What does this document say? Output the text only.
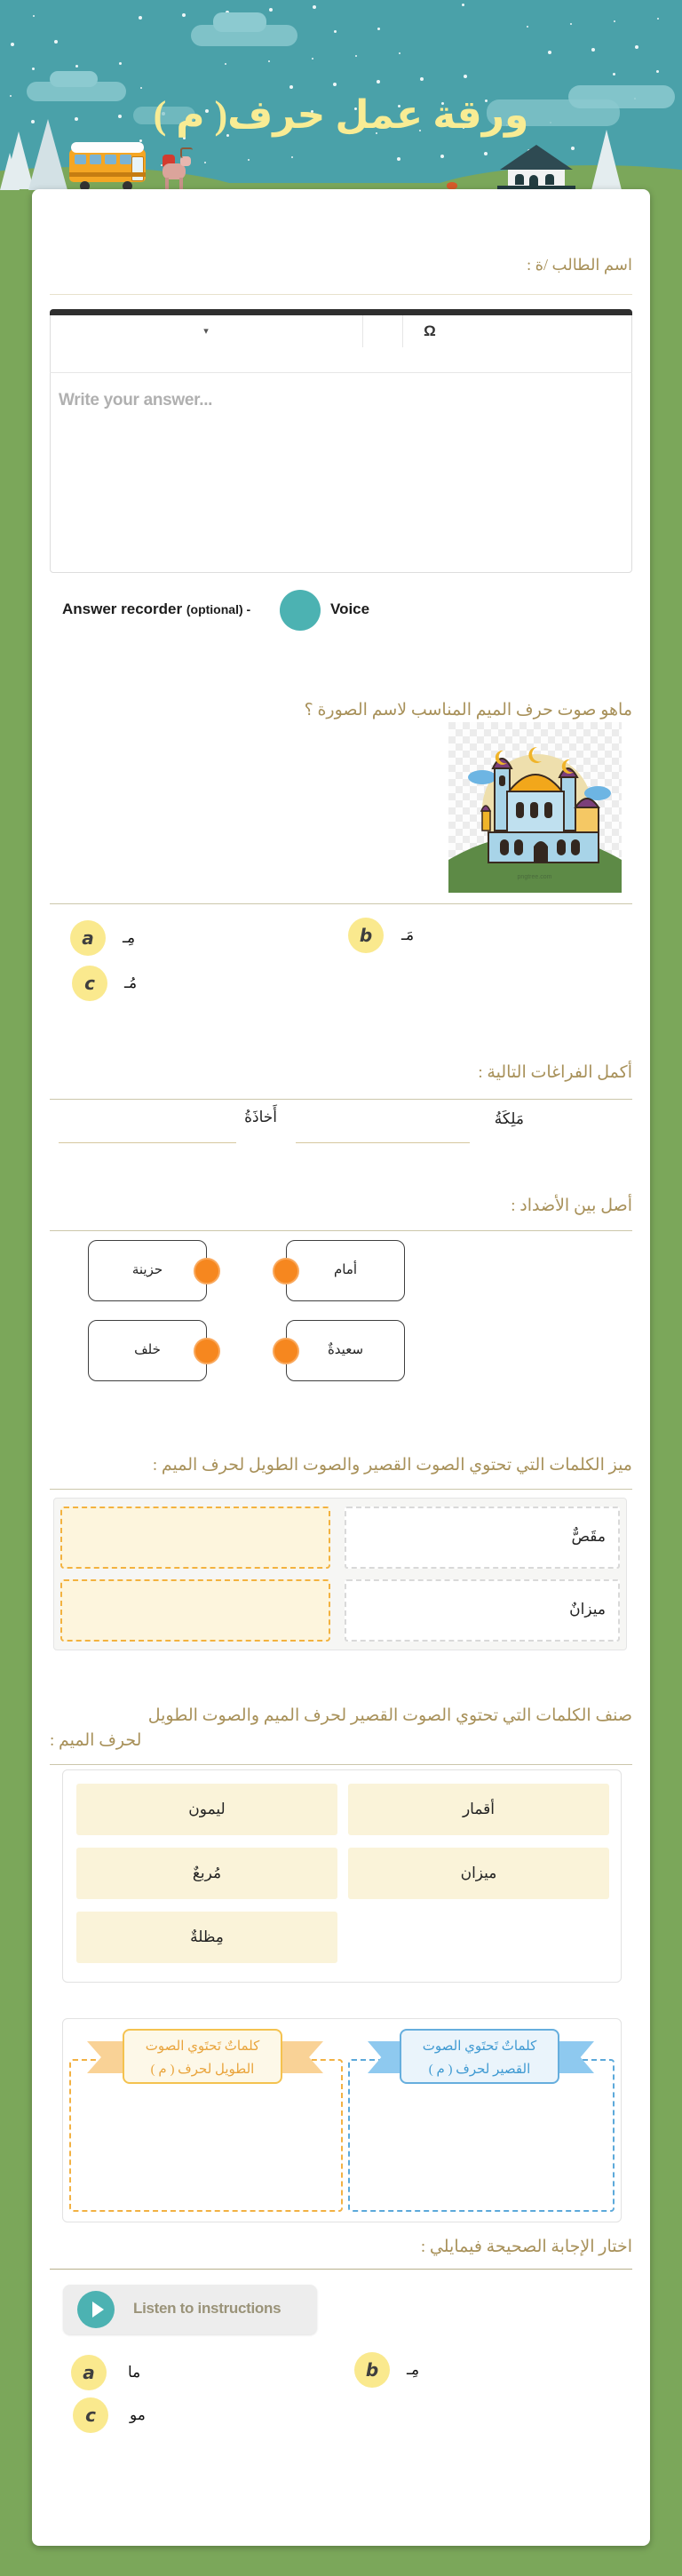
ورقة عمل حرف( م )
اسم الطالب /ة :
▾	Ω
Write your answer...
Answer recorder (optional) -	Voice
ماهو صوت حرف الميم المناسب لاسم الصورة ؟
pngtree.com
a	مِـ	b	مَـ
c	مُـ
أكمل الفراغات التالية :
مَلِكَةُ
أَخاذَةُ
أصل بين الأضداد :
حزينة	أمام
خلف	سعيدةٌ
ميز الكلمات التي تحتوي الصوت القصير والصوت الطويل لحرف الميم :
مقَصٌّ
ميزانٌ
صنف الكلمات التي تحتوي الصوت القصير لحرف الميم والصوت الطويل
لحرف الميم :
ليمون	أقمار
مُربعٌ	ميزان
مِظلةٌ
كلماتٌ تَحتَوي الصوت
الطويل لحرف ( م )
كلماتٌ تَحتَوي الصوت
القصير لحرف ( م )
اختار الإجابة الصحيحة فيمايلي :
Listen to instructions
a	ما	b	مِـ
c	مو
